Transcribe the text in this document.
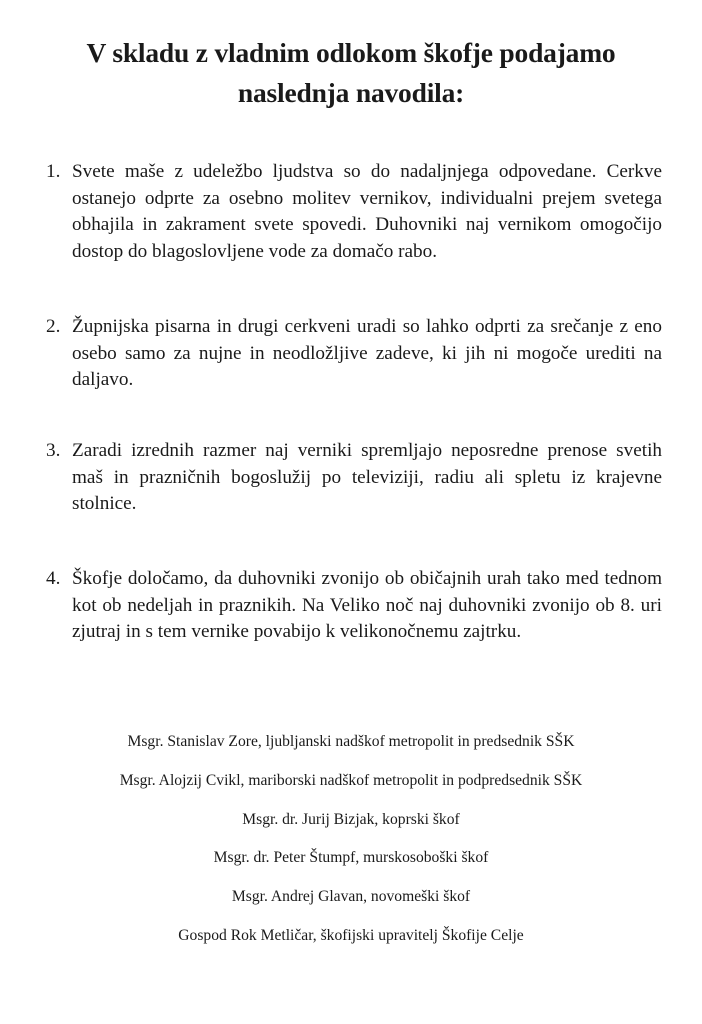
V skladu z vladnim odlokom škofje podajamo
naslednja navodila:
1. Svete maše z udeležbo ljudstva so do nadaljnjega odpovedane. Cerkve ostanejo odprte za osebno molitev vernikov, individualni prejem svetega obhajila in zakrament svete spovedi. Duhovniki naj vernikom omogočijo dostop do blagoslovljene vode za domačo rabo.
2. Župnijska pisarna in drugi cerkveni uradi so lahko odprti za srečanje z eno osebo samo za nujne in neodložljive zadeve, ki jih ni mogoče urediti na daljavo.
3. Zaradi izrednih razmer naj verniki spremljajo neposredne prenose svetih maš in prazničnih bogoslužij po televiziji, radiu ali spletu iz krajevne stolnice.
4. Škofje določamo, da duhovniki zvonijo ob običajnih urah tako med tednom kot ob nedeljah in praznikih. Na Veliko noč naj duhovniki zvonijo ob 8. uri zjutraj in s tem vernike povabijo k velikonočnemu zajtrku.
Msgr. Stanislav Zore, ljubljanski nadškof metropolit in predsednik SŠK
Msgr. Alojzij Cvikl, mariborski nadškof metropolit in podpredsednik SŠK
Msgr. dr. Jurij Bizjak, koprski škof
Msgr. dr. Peter Štumpf, murskosoboški škof
Msgr. Andrej Glavan, novomeški škof
Gospod Rok Metličar, škofijski upravitelj Škofije Celje
